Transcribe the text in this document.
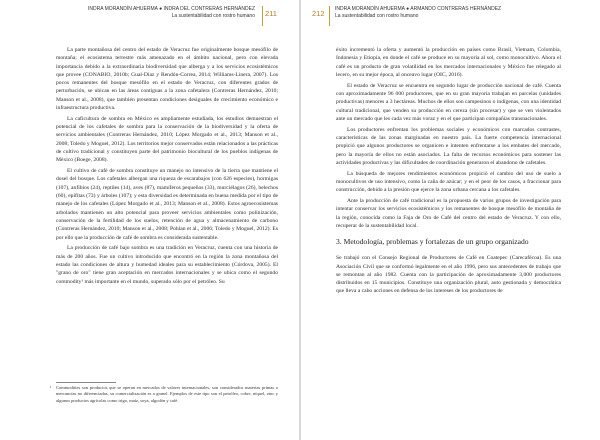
INDRA MORANDÍN AHUERMA ● INDRA DEL CONTRERAS HERNÁNDEZ
La sustentabilidad con rostro humano 211

La parte montañosa del centro del estado de Veracruz fue originalmente bosque mesófilo de montaña; el ecosistema terrestre más amenazado en el ámbito nacional, pero con elevada importancia debido a la extraordinaria biodiversidad que alberga y a los servicios ecosistémicos que provee (CONABIO, 2010b; Gual-Díaz y Rendón-Correa, 2014; Williams-Linera, 2007). Los pocos remanentes del bosque mesófilo en el estado de Veracruz, con diferentes grados de perturbación, se ubican en las áreas contiguas a la zona cafetalera (Contreras Hernández, 2010; Manson et al., 2008), que también presentan condiciones desiguales de crecimiento económico e infraestructura productiva.

La caficultura de sombra en México es ampliamente estudiada, los estudios demuestran el potencial de los cafetales de sombra para la conservación de la biodiversidad y la oferta de servicios ambientales (Contreras Hernández, 2010; López Morgado et al., 2013; Manson et al., 2008; Toledo y Moguel, 2012). Los territorios mejor conservados están relacionados a las prácticas de cultivo tradicional y constituyen parte del patrimonio biocultural de los pueblos indígenas de México (Boege, 2008).

El cultivo de café de sombra constituye un manejo no intensivo de la tierra que mantiene el dosel del bosque. Los cafetales albergan una riqueza de escarabajos (con 626 especies), hormigas (107), anfibios (24), reptiles (14), aves (87), mamíferos pequeños (33), murciélagos (26), helechos (60), epífitas (73) y árboles (107); y esta diversidad es determinada en buena medida por el tipo de manejo de los cafetales (López Morgado et al., 2013; Manson et al., 2008). Estos agroecosistemas arbolados mantienen un alto potencial para proveer servicios ambientales como polinización, conservación de la fertilidad de los suelos, retención de agua y almacenamiento de carbono (Contreras Hernández, 2010; Manson et al., 2008; Pohlan et al., 2006; Toledo y Moguel, 2012). Es por ello que la producción de café de sombra es considerada sustentable.

La producción de café bajo sombra es una tradición en Veracruz, cuenta con una historia de más de 200 años. Fue un cultivo introducido que encontró en la región la zona montañosa del estado las condiciones de altura y humedad ideales para su establecimiento (Córdova, 2005). El "grano de oro" tiene gran aceptación en mercados internacionales y se ubica como el segundo commodity¹ más importante en el mundo, superado sólo por el petróleo. Su

¹ Commodities son productos que se operan en mercados de valores internacionales, son considerados materias primas o mercancías no diferenciadas, su comercialización es a granel. Ejemplos de este tipo son el petróleo, cobre, níquel, zinc y algunos productos agrícolas como trigo, maíz, soya, algodón y café.
212 INDRA MORANDÍN AHUERMA ● ARMANDO CONTRERAS HERNÁNDEZ
La sustentabilidad con rostro humano

éxito incrementó la oferta y aumentó la producción en países como Brasil, Vietnam, Colombia, Indonesia y Etiopía, en donde el café se produce en su mayoría al sol, como monocultivo. Ahora el café es un producto de gran volatilidad en los mercados internacionales y México fue relegado al lecero, en su mejor época, al onceavo lugar (OIC, 2016).

El estado de Veracruz se encuentra en segundo lugar de producción nacional de café. Cuenta con aproximadamente 96 000 productores, que en su gran mayoría trabajan en parcelas (unidades productivas) menores a 3 hectáreas. Muchos de ellos son campesinos o indígenas, con una identidad cultural tradicional, que venden su producción en cereza (sin procesar) y que se ven violentados ante un mercado que les cada vez más voraz y en el que participan compañías transnacionales.

Los productores enfrentan los problemas sociales y económicos con marcados contrastes, características de las zonas marginadas en nuestro país. La fuerte competencia internacional propició que algunos productores se organicen e intenten enfrentarse a los embates del mercado, pero la mayoría de ellos no están asociados. La falta de recursos económicos para sostener las actividades productivas y las dificultades de coordinación generaron el abandono de cafetales.

La búsqueda de mejores rendimientos económicos propició el cambio del uso de suelo a monocultivos de uso intensivo, como la caña de azúcar; y en el peor de los casos, a fraccionar para construcción, debido a la presión que ejerce la zona urbana cercana a los cafetales.

Ante la producción de café tradicional es la propuesta de varios grupos de investigación para intentar conservar los servicios ecosistémicos y los remanentes de bosque mesófilo de montaña de la región, conocida como la Faja de Oro de Café del centro del estado de Veracruz. Y con ello, recuperar de la sustentabilidad local.

3. Metodología, problemas y fortalezas de un grupo organizado

Se trabajó con el Consejo Regional de Productores de Café en Coatepec (Carecafécoa). Es una Asociación Civil que se conformó legalmente en el año 1996, pero sus antecedentes de trabajo que se remontan al año 1982. Cuenta con la participación de aproximadamente 3,000 productores distribuidos en 15 municipios. Constituye una organización plural, auto gestionada y democrática que lleva a cabo acciones en defensa de los intereses de los productores de
